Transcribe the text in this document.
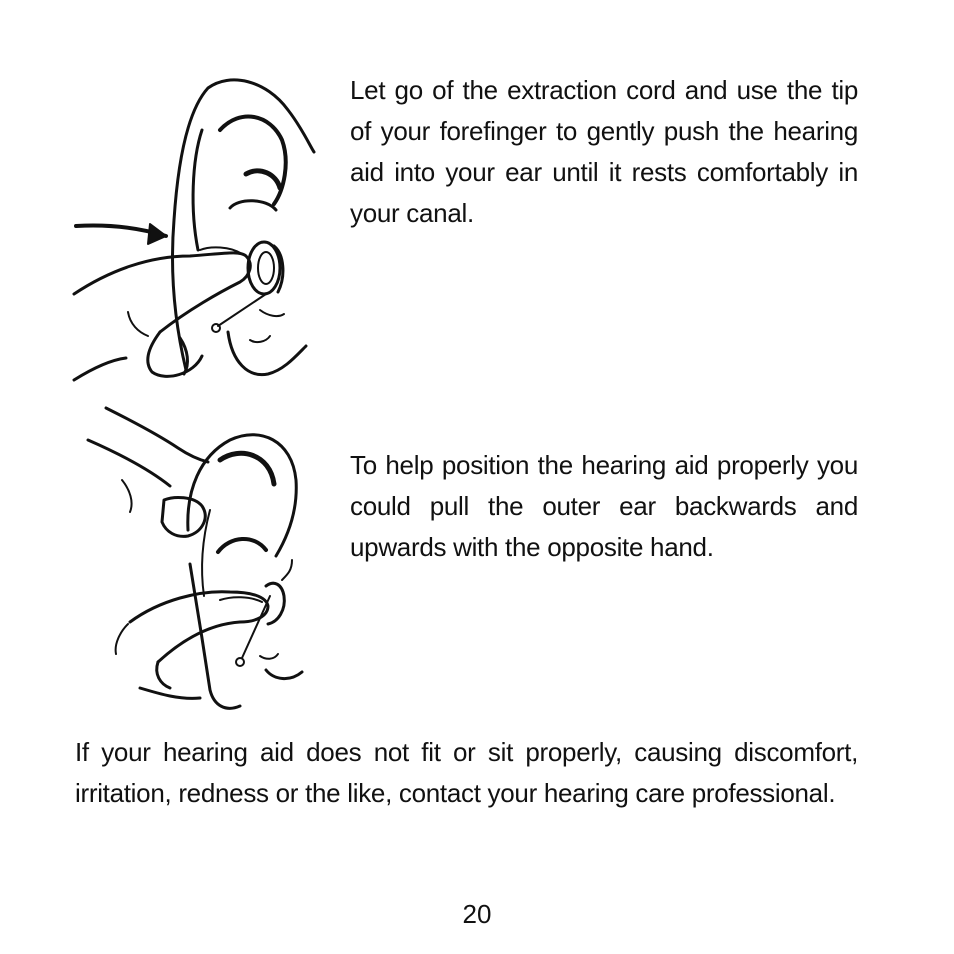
Let go of the extraction cord and use the tip of your forefinger to gently push the hearing aid into your ear until it rests comfortably in your canal.

To help position the hearing aid properly you could pull the outer ear backwards and upwards with the opposite hand.

If your hearing aid does not fit or sit properly, causing discomfort, irritation, redness or the like, contact your hearing care professional.

20
